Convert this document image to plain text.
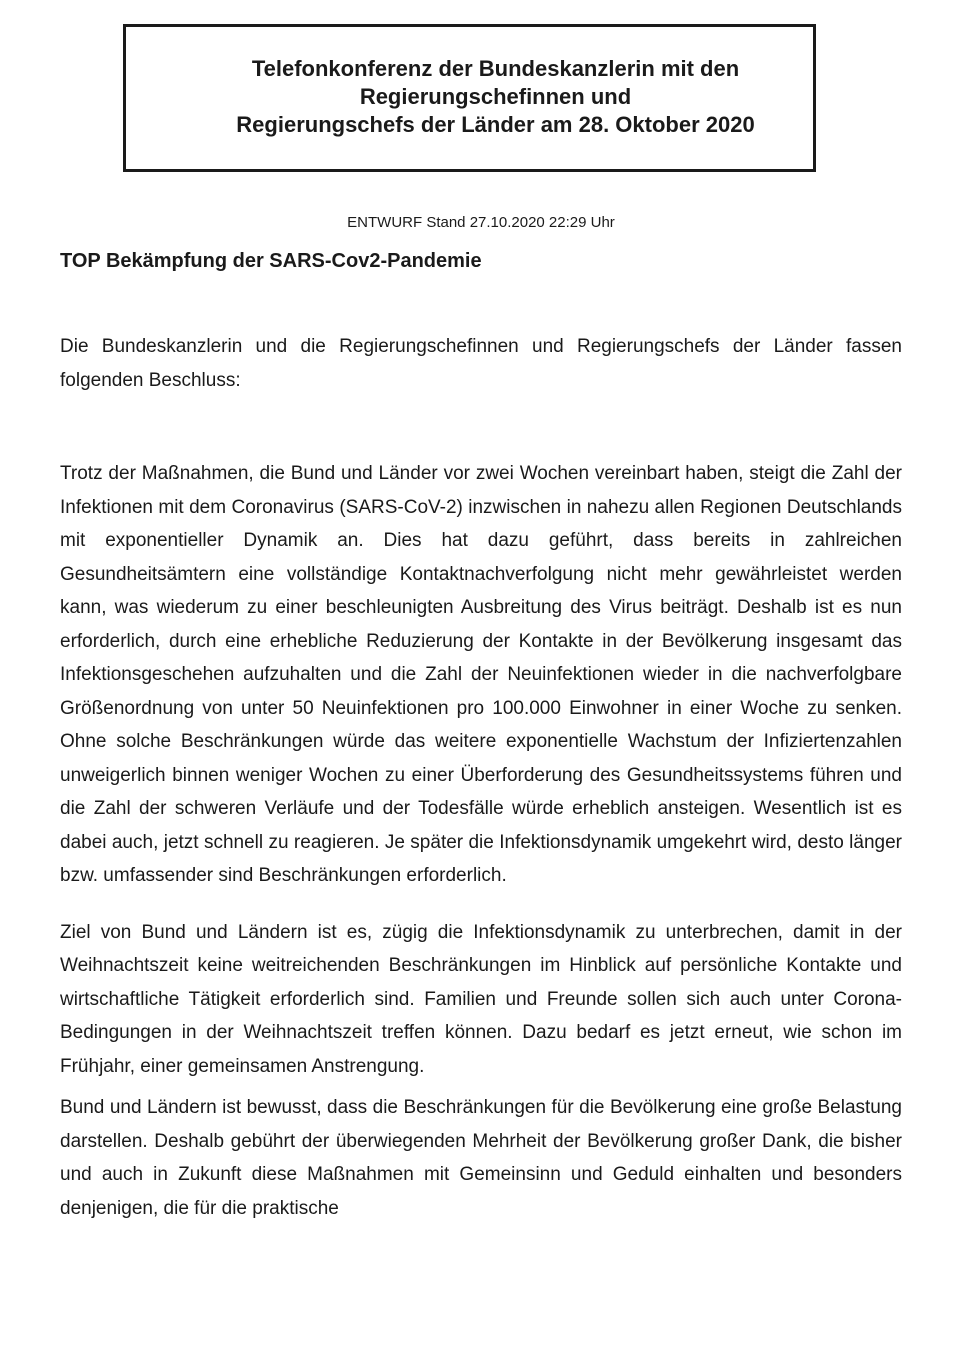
Telefonkonferenz der Bundeskanzlerin mit den
Regierungschefinnen und
Regierungschefs der Länder am 28. Oktober 2020
ENTWURF Stand 27.10.2020 22:29 Uhr
TOP Bekämpfung der SARS-Cov2-Pandemie

Die Bundeskanzlerin und die Regierungschefinnen und Regierungschefs der Länder fassen folgenden Beschluss:

Trotz der Maßnahmen, die Bund und Länder vor zwei Wochen vereinbart haben, steigt die Zahl der Infektionen mit dem Coronavirus (SARS-CoV-2) inzwischen in nahezu allen Regionen Deutschlands mit exponentieller Dynamik an. Dies hat dazu geführt, dass bereits in zahlreichen Gesundheitsämtern eine vollständige Kontaktnachverfolgung nicht mehr gewährleistet werden kann, was wiederum zu einer beschleunigten Ausbreitung des Virus beiträgt. Deshalb ist es nun erforderlich, durch eine erhebliche Reduzierung der Kontakte in der Bevölkerung insgesamt das Infektionsgeschehen aufzuhalten und die Zahl der Neuinfektionen wieder in die nachverfolgbare Größenordnung von unter 50 Neuinfektionen pro 100.000 Einwohner in einer Woche zu senken. Ohne solche Beschränkungen würde das weitere exponentielle Wachstum der Infiziertenzahlen unweigerlich binnen weniger Wochen zu einer Überforderung des Gesundheitssystems führen und die Zahl der schweren Verläufe und der Todesfälle würde erheblich ansteigen. Wesentlich ist es dabei auch, jetzt schnell zu reagieren. Je später die Infektionsdynamik umgekehrt wird, desto länger bzw. umfassender sind Beschränkungen erforderlich.

Ziel von Bund und Ländern ist es, zügig die Infektionsdynamik zu unterbrechen, damit in der Weihnachtszeit keine weitreichenden Beschränkungen im Hinblick auf persönliche Kontakte und wirtschaftliche Tätigkeit erforderlich sind. Familien und Freunde sollen sich auch unter Corona-Bedingungen in der Weihnachtszeit treffen können. Dazu bedarf es jetzt erneut, wie schon im Frühjahr, einer gemeinsamen Anstrengung.

Bund und Ländern ist bewusst, dass die Beschränkungen für die Bevölkerung eine große Belastung darstellen. Deshalb gebührt der überwiegenden Mehrheit der Bevölkerung großer Dank, die bisher und auch in Zukunft diese Maßnahmen mit Gemeinsinn und Geduld einhalten und besonders denjenigen, die für die praktische
